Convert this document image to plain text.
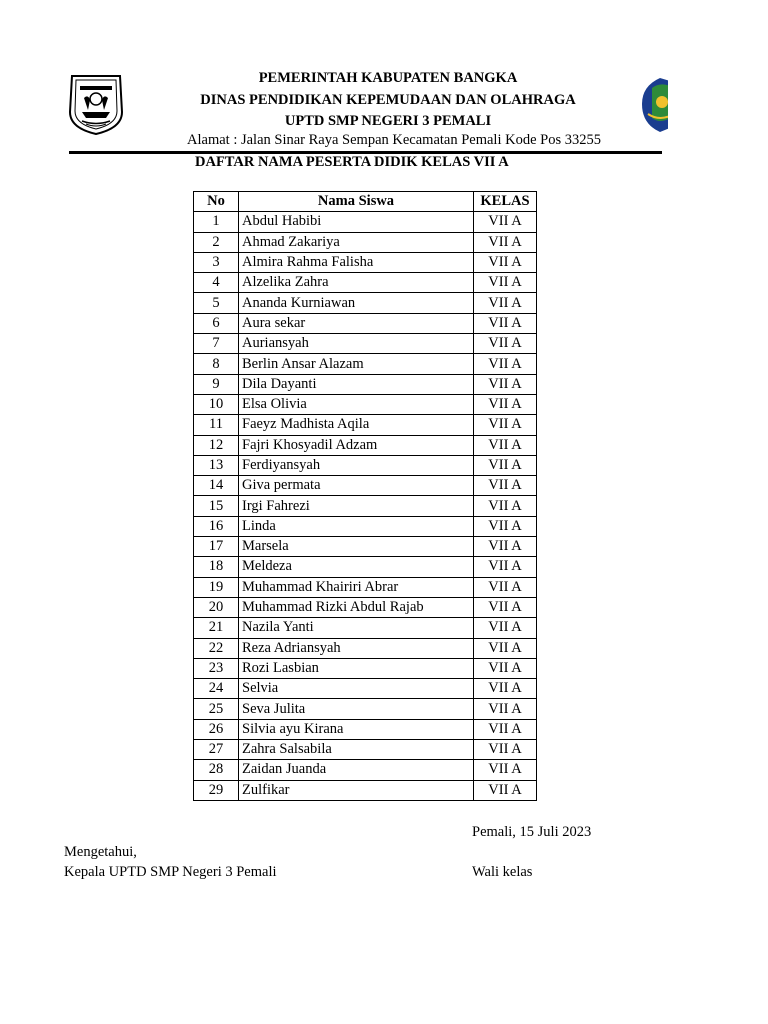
PEMERINTAH KABUPATEN BANGKA
DINAS PENDIDIKAN KEPEMUDAAN DAN OLAHRAGA
UPTD SMP NEGERI 3 PEMALI
Alamat : Jalan Sinar Raya Sempan Kecamatan Pemali Kode Pos 33255
DAFTAR NAMA PESERTA DIDIK KELAS VII A
No	Nama Siswa	KELAS
1	Abdul Habibi	VII A
2	Ahmad Zakariya	VII A
3	Almira Rahma Falisha	VII A
4	Alzelika Zahra	VII A
5	Ananda Kurniawan	VII A
6	Aura sekar	VII A
7	Auriansyah	VII A
8	Berlin Ansar Alazam	VII A
9	Dila Dayanti	VII A
10	Elsa Olivia	VII A
11	Faeyz Madhista Aqila	VII A
12	Fajri Khosyadil Adzam	VII A
13	Ferdiyansyah	VII A
14	Giva permata	VII A
15	Irgi Fahrezi	VII A
16	Linda	VII A
17	Marsela	VII A
18	Meldeza	VII A
19	Muhammad Khairiri Abrar	VII A
20	Muhammad Rizki Abdul Rajab	VII A
21	Nazila Yanti	VII A
22	Reza Adriansyah	VII A
23	Rozi Lasbian	VII A
24	Selvia	VII A
25	Seva Julita	VII A
26	Silvia ayu Kirana	VII A
27	Zahra Salsabila	VII A
28	Zaidan Juanda	VII A
29	Zulfikar	VII A
Pemali, 15 Juli 2023
Mengetahui,
Kepala UPTD SMP Negeri 3 Pemali	Wali kelas
